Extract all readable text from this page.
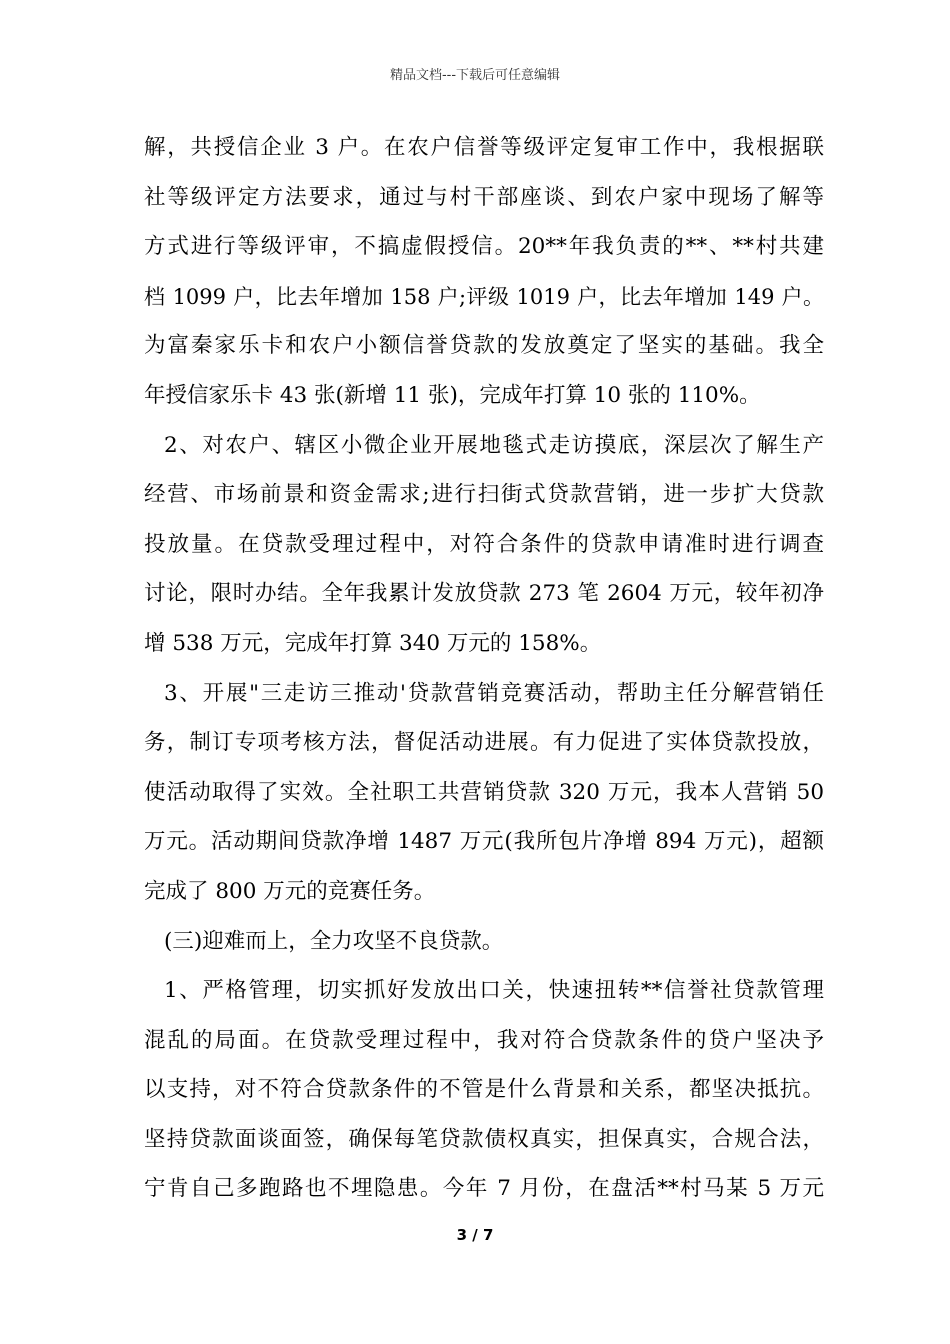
精品文档---下载后可任意编辑
解，共授信企业 3 户。在农户信誉等级评定复审工作中，我根据联
社等级评定方法要求，通过与村干部座谈、到农户家中现场了解等
方式进行等级评审，不搞虚假授信。20**年我负责的**、**村共建
档 1099 户，比去年增加 158 户;评级 1019 户，比去年增加 149 户。
为富秦家乐卡和农户小额信誉贷款的发放奠定了坚实的基础。我全
年授信家乐卡 43 张(新增 11 张)，完成年打算 10 张的 110%。
2、对农户、辖区小微企业开展地毯式走访摸底，深层次了解生产
经营、市场前景和资金需求;进行扫街式贷款营销，进一步扩大贷款
投放量。在贷款受理过程中，对符合条件的贷款申请准时进行调查
讨论，限时办结。全年我累计发放贷款 273 笔 2604 万元，较年初净
增 538 万元，完成年打算 340 万元的 158%。
3、开展"三走访三推动'贷款营销竞赛活动，帮助主任分解营销任
务，制订专项考核方法，督促活动进展。有力促进了实体贷款投放，
使活动取得了实效。全社职工共营销贷款 320 万元，我本人营销 50
万元。活动期间贷款净增 1487 万元(我所包片净增 894 万元)，超额
完成了 800 万元的竞赛任务。
(三)迎难而上，全力攻坚不良贷款。
1、严格管理，切实抓好发放出口关，快速扭转**信誉社贷款管理
混乱的局面。在贷款受理过程中，我对符合贷款条件的贷户坚决予
以支持，对不符合贷款条件的不管是什么背景和关系，都坚决抵抗。
坚持贷款面谈面签，确保每笔贷款债权真实，担保真实，合规合法，
宁肯自己多跑路也不埋隐患。今年 7 月份，在盘活**村马某 5 万元
3 / 7
